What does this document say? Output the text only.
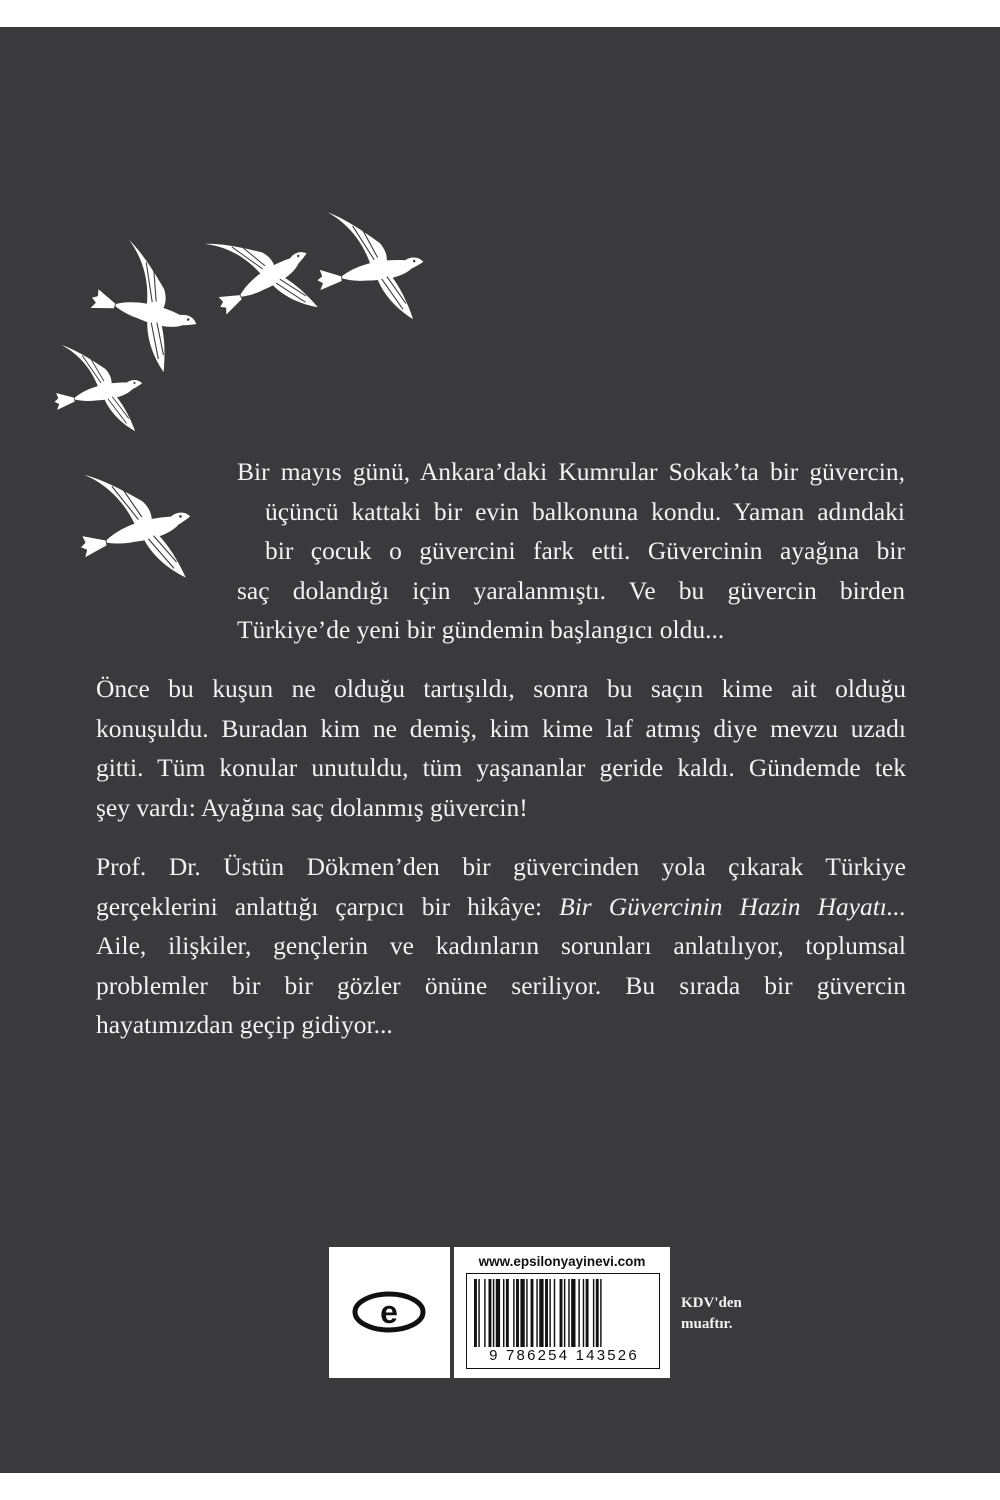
Bir mayıs günü, Ankara’daki Kumrular Sokak’ta bir güvercin,
üçüncü kattaki bir evin balkonuna kondu. Yaman adındaki
bir çocuk o güvercini fark etti. Güvercinin ayağına bir
saç dolandığı için yaralanmıştı. Ve bu güvercin birden
Türkiye’de yeni bir gündemin başlangıcı oldu...

Önce bu kuşun ne olduğu tartışıldı, sonra bu saçın kime ait olduğu
konuşuldu. Buradan kim ne demiş, kim kime laf atmış diye mevzu uzadı
gitti. Tüm konular unutuldu, tüm yaşananlar geride kaldı. Gündemde tek
şey vardı: Ayağına saç dolanmış güvercin!

Prof. Dr. Üstün Dökmen’den bir güvercinden yola çıkarak Türkiye
gerçeklerini anlattığı çarpıcı bir hikâye: Bir Güvercinin Hazin Hayatı...
Aile, ilişkiler, gençlerin ve kadınların sorunları anlatılıyor, toplumsal
problemler bir bir gözler önüne seriliyor. Bu sırada bir güvercin
hayatımızdan geçip gidiyor...

KDV'den
muaftır.
e
www.epsilonyayinevi.com
9 786254 143526
